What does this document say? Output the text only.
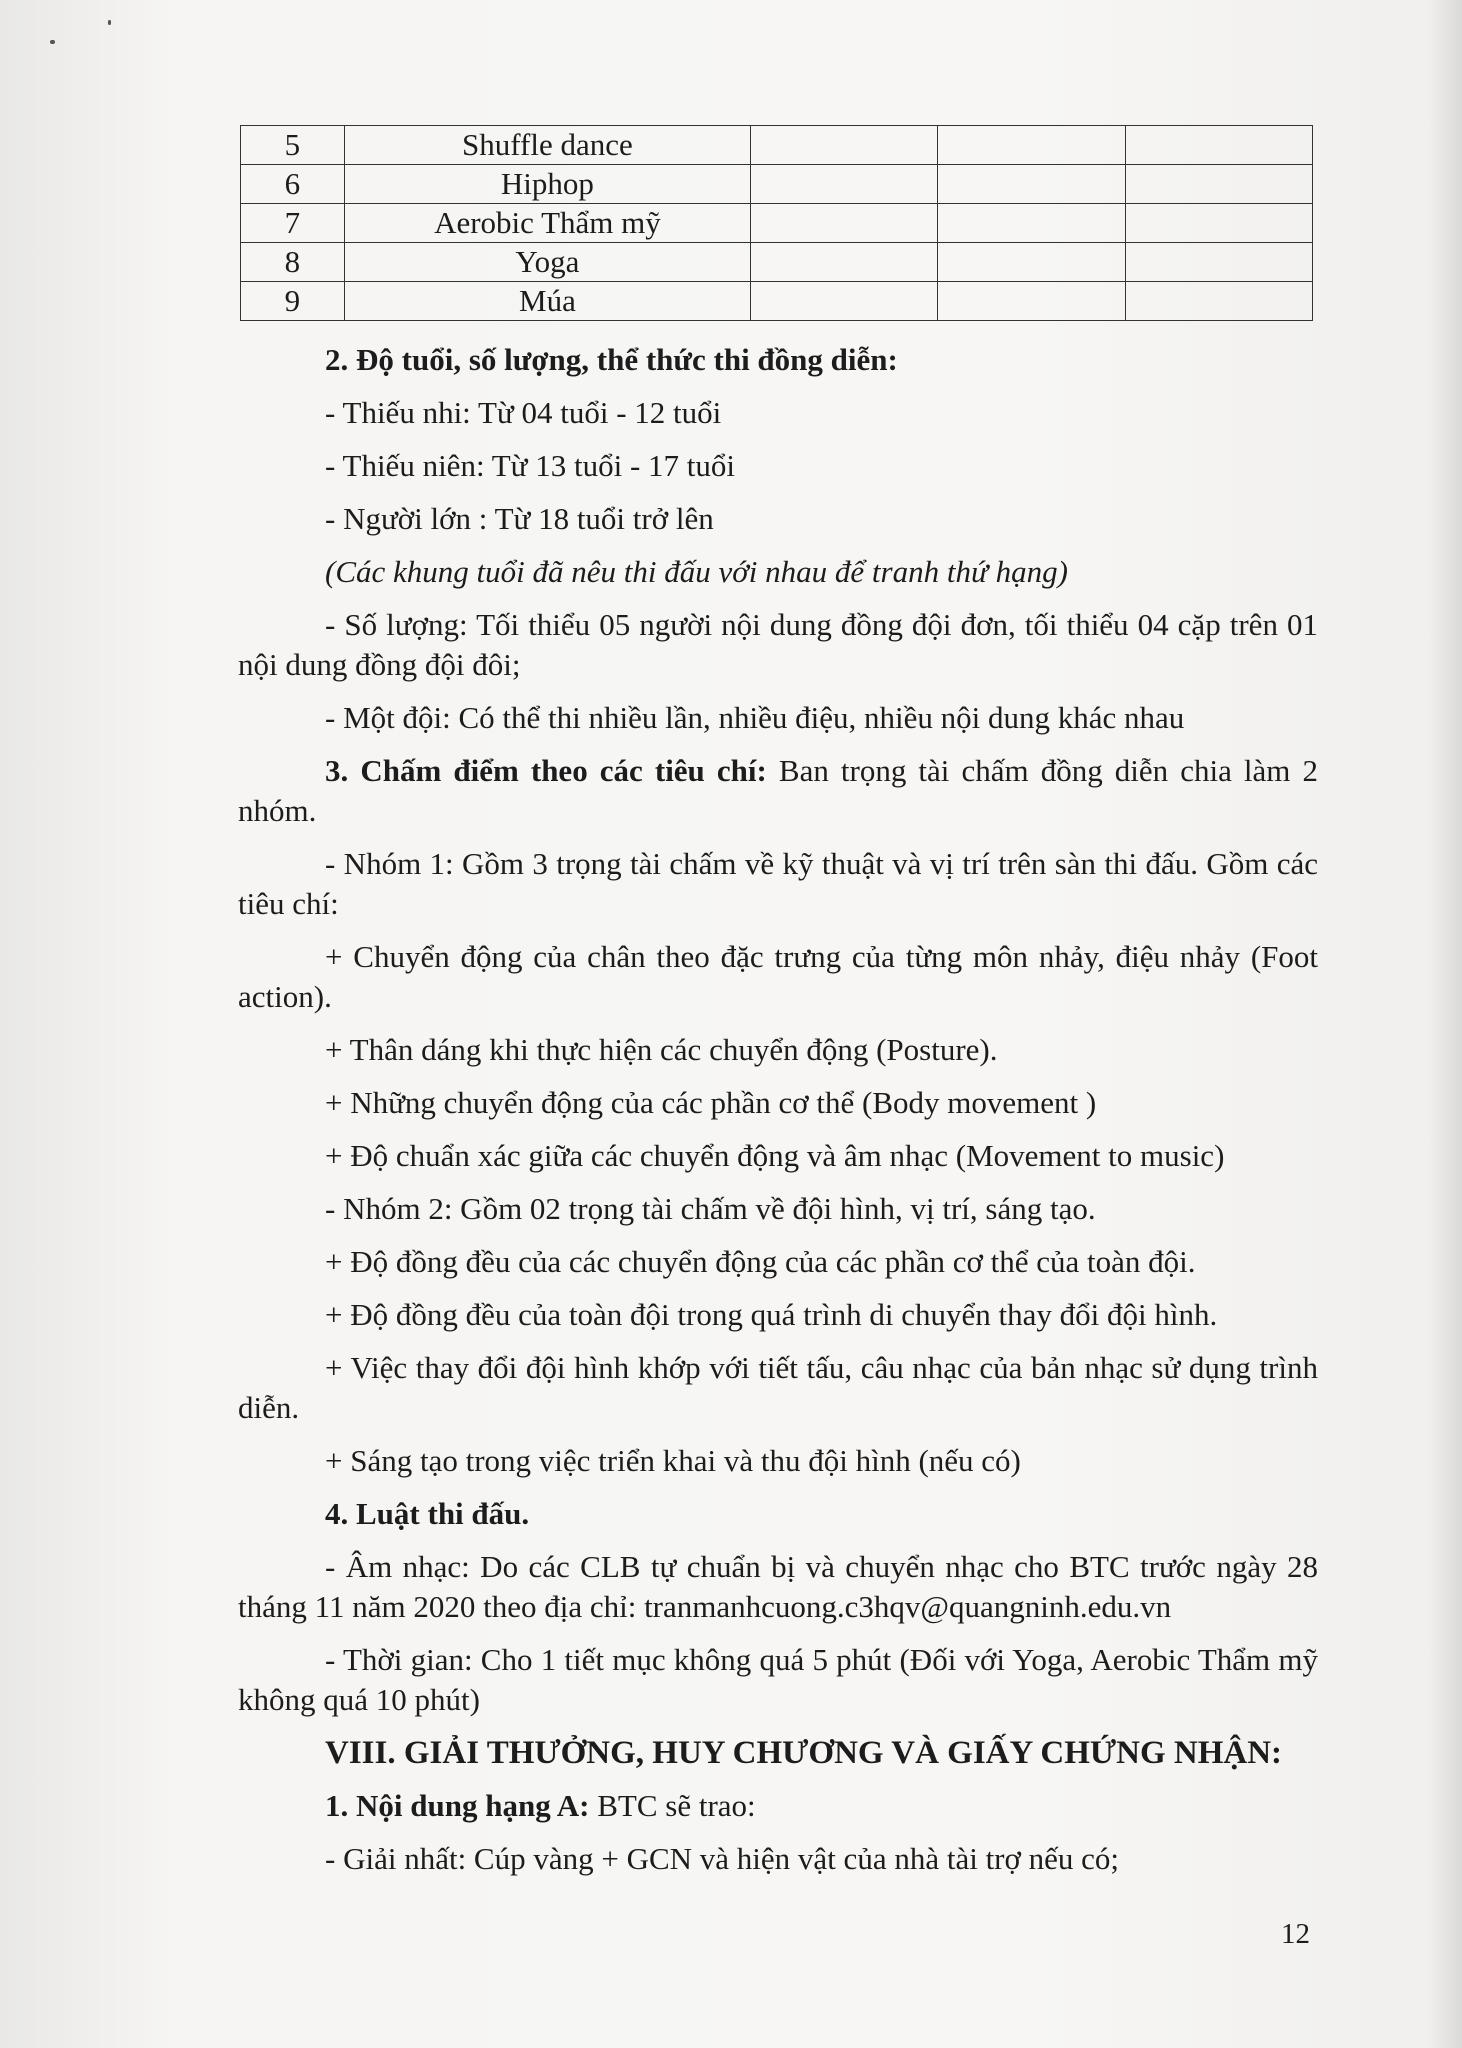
5	Shuffle dance			
6	Hiphop			
7	Aerobic Thẩm mỹ			
8	Yoga			
9	Múa			

2. Độ tuổi, số lượng, thể thức thi đồng diễn:

- Thiếu nhi: Từ 04 tuổi - 12 tuổi

- Thiếu niên: Từ 13 tuổi - 17 tuổi

- Người lớn : Từ 18 tuổi trở lên

(Các khung tuổi đã nêu thi đấu với nhau để tranh thứ hạng)

- Số lượng: Tối thiểu 05 người nội dung đồng đội đơn, tối thiểu 04 cặp trên 01 nội dung đồng đội đôi;

- Một đội: Có thể thi nhiều lần, nhiều điệu, nhiều nội dung khác nhau

3. Chấm điểm theo các tiêu chí: Ban trọng tài chấm đồng diễn chia làm 2 nhóm.

- Nhóm 1: Gồm 3 trọng tài chấm về kỹ thuật và vị trí trên sàn thi đấu. Gồm các tiêu chí:

+ Chuyển động của chân theo đặc trưng của từng môn nhảy, điệu nhảy (Foot action).

+ Thân dáng khi thực hiện các chuyển động (Posture).

+ Những chuyển động của các phần cơ thể (Body movement )

+ Độ chuẩn xác giữa các chuyển động và âm nhạc (Movement to music)

- Nhóm 2: Gồm 02 trọng tài chấm về đội hình, vị trí, sáng tạo.

+ Độ đồng đều của các chuyển động của các phần cơ thể của toàn đội.

+ Độ đồng đều của toàn đội trong quá trình di chuyển thay đổi đội hình.

+ Việc thay đổi đội hình khớp với tiết tấu, câu nhạc của bản nhạc sử dụng trình diễn.

+ Sáng tạo trong việc triển khai và thu đội hình (nếu có)

4. Luật thi đấu.

- Âm nhạc: Do các CLB tự chuẩn bị và chuyển nhạc cho BTC trước ngày 28 tháng 11 năm 2020 theo địa chỉ: tranmanhcuong.c3hqv@quangninh.edu.vn

- Thời gian: Cho 1 tiết mục không quá 5 phút (Đối với Yoga, Aerobic Thẩm mỹ không quá 10 phút)

VIII. GIẢI THƯỞNG, HUY CHƯƠNG VÀ GIẤY CHỨNG NHẬN:

1. Nội dung hạng A: BTC sẽ trao:

- Giải nhất: Cúp vàng + GCN và hiện vật của nhà tài trợ nếu có;

12
